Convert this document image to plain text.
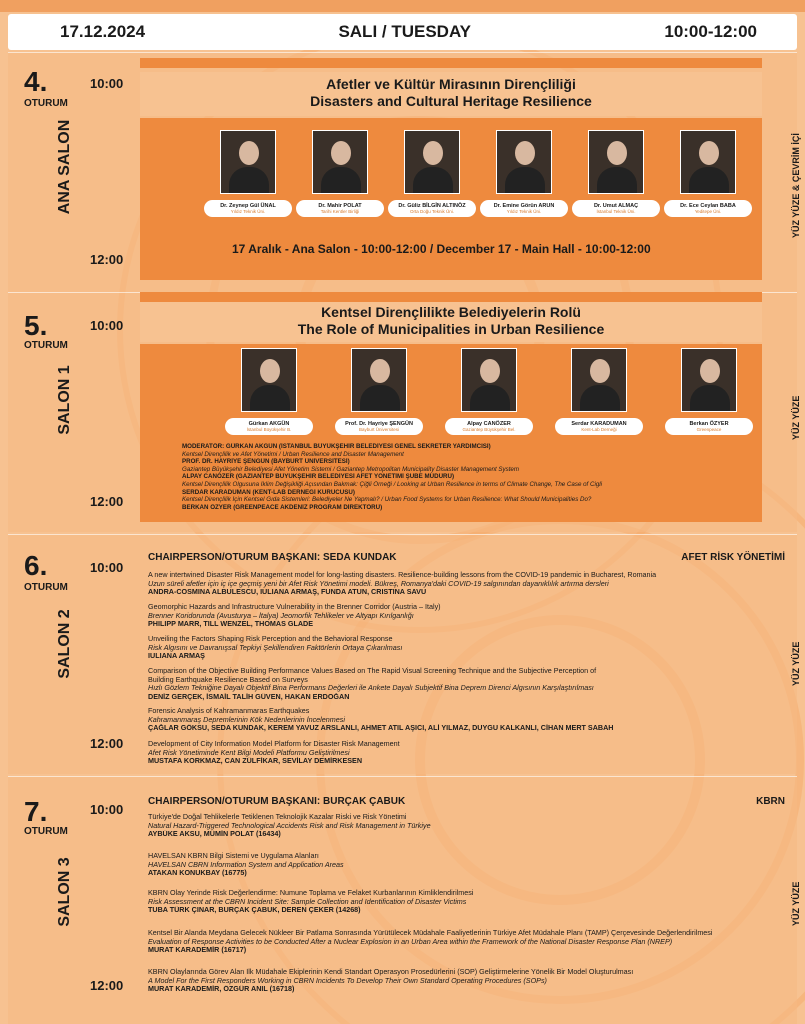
17.12.2024	SALI / TUESDAY	10:00-12:00
4.
OTURUM
10:00
12:00
ANA SALON	YÜZ YÜZE & ÇEVRİM İÇİ
Afetler ve Kültür Mirasının Dirençliliği
Disasters and Cultural Heritage Resilience
Dr. Zeynep Gül ÜNAL
Yıldız Teknik Üni.
Dr. Mahir POLAT
Tarihi Kentler Birliği
Dr. Güliz BİLGİN ALTINÖZ
Orta Doğu Teknik Üni.
Dr. Emine Görün ARUN
Yıldız Teknik Üni.
Dr. Umut ALMAÇ
İstanbul Teknik Üni.
Dr. Ece Ceylan BABA
Yeditepe Üni.
17 Aralık - Ana Salon - 10:00-12:00 / December 17 - Main Hall - 10:00-12:00
5.
OTURUM
10:00
12:00
SALON 1	YÜZ YÜZE
Kentsel Dirençlilikte Belediyelerin Rolü
The Role of Municipalities in Urban Resilience
Gürkan AKGÜN
İstanbul Büyükşehir B.
Prof. Dr. Hayriye ŞENGÜN
Bayburt Üniversitesi
Alpay CANÖZER
Gaziantep Büyükşehir Bel.
Serdar KARADUMAN
Kent-Lab Derneği
Berkan ÖZYER
Greenpeace
MODERATÖR: GÜRKAN AKGÜN (İSTANBUL BÜYÜKŞEHİR BELEDİYESİ GENEL SEKRETER YARDIMCISI)
Kentsel Dirençlilik ve Afet Yönetimi / Urban Resilience and Disaster Management
PROF. DR. HAYRİYE ŞENGÜN (BAYBURT ÜNİVERSİTESİ)
Gaziantep Büyükşehir Belediyesi Afet Yönetim Sistemi / Gaziantep Metropolitan Municipality Disaster Management System
ALPAY CANÖZER (GAZİANTEP BÜYÜKŞEHİR BELEDİYESİ AFET YÖNETİMİ ŞUBE MÜDÜRÜ)
Kentsel Dirençlilik Olgusuna İklim Değişikliği Açısından Bakmak: Çiğli Örneği / Looking at Urban Resilience in terms of Climate Change, The Case of Cigli
SERDAR KARADUMAN (KENT-LAB DERNEĞİ KURUCUSU)
Kentsel Dirençlilik İçin Kentsel Gıda Sistemleri: Belediyeler Ne Yapmalı? / Urban Food Systems for Urban Resilience: What Should Municipalities Do?
BERKAN ÖZYER (GREENPEACE AKDENİZ PROGRAM DİREKTÖRÜ)
6.
OTURUM
10:00
12:00
SALON 2	YÜZ YÜZE
CHAIRPERSON/OTURUM BAŞKANI: SEDA KUNDAK	AFET RİSK YÖNETİMİ
A new intertwined Disaster Risk Management model for long-lasting disasters. Resilience-building lessons from the COVID-19 pandemic in Bucharest, Romania
Uzun süreli afetler için iç içe geçmiş yeni bir Afet Risk Yönetimi modeli. Bükreş, Romanya'daki COVID-19 salgınından dayanıklılık artırma dersleri
ANDRA-COSMINA ALBULESCU, IULIANA ARMAŞ, FUNDA ATUN, CRISTINA SAVU
Geomorphic Hazards and Infrastructure Vulnerability in the Brenner Corridor (Austria – Italy)
Brenner Koridorunda (Avusturya – İtalya) Jeomorfik Tehlikeler ve Altyapı Kırılganlığı
PHILIPP MARR, TILL WENZEL, THOMAS GLADE
Unveiling the Factors Shaping Risk Perception and the Behavioral Response
Risk Algısını ve Davranışsal Tepkiyi Şekillendiren Faktörlerin Ortaya Çıkarılması
IULIANA ARMAŞ
Comparison of the Objective Building Performance Values Based on The Rapid Visual Screening Technique and the Subjective Perception of
Building Earthquake Resilience Based on Surveys
Hızlı Gözlem Tekniğine Dayalı Objektif Bina Performans Değerleri ile Ankete Dayalı Subjektif Bina Deprem Direnci Algısının Karşılaştırılması
DENİZ GERÇEK, İSMAİL TALİH GÜVEN, HAKAN ERDOĞAN
Forensic Analysis of Kahramanmaras Earthquakes
Kahramanmaraş Depremlerinin Kök Nedenlerinin İncelenmesi
ÇAĞLAR GÖKSU, SEDA KUNDAK, KEREM YAVUZ ARSLANLI, AHMET ATIL AŞICI, ALİ YILMAZ, DUYGU KALKANLI, CİHAN MERT SABAH
Development of City Information Model Platform for Disaster Risk Management
Afet Risk Yönetiminde Kent Bilgi Modeli Platformu Geliştirilmesi
MUSTAFA KORKMAZ, CAN ZÜLFİKAR, SEVİLAY DEMİRKESEN
7.
OTURUM
10:00
12:00
SALON 3	YÜZ YÜZE
CHAIRPERSON/OTURUM BAŞKANI: BURÇAK ÇABUK	KBRN
Türkiye'de Doğal Tehlikelerle Tetiklenen Teknolojik Kazalar Riski ve Risk Yönetimi
Natural Hazard-Triggered Technological Accidents Risk and Risk Management in Türkiye
AYBÜKE AKSU, MÜMİN POLAT (16434)
HAVELSAN KBRN Bilgi Sistemi ve Uygulama Alanları
HAVELSAN CBRN Information System and Application Areas
ATAKAN KONUKBAY (16775)
KBRN Olay Yerinde Risk Değerlendirme: Numune Toplama ve Felaket Kurbanlarının Kimliklendirilmesi
Risk Assessment at the CBRN Incident Site: Sample Collection and Identification of Disaster Victims
TUBA TÜRK ÇINAR, BURÇAK ÇABUK, DEREN ÇEKER (14268)
Kentsel Bir Alanda Meydana Gelecek Nükleer Bir Patlama Sonrasında Yürütülecek Müdahale Faaliyetlerinin Türkiye Afet Müdahale Planı (TAMP) Çerçevesinde Değerlendirilmesi
Evaluation of Response Activities to be Conducted After a Nuclear Explosion in an Urban Area within the Framework of the National Disaster Response Plan (NREP)
MURAT KARADEMİR (16717)
KBRN Olaylarında Görev Alan İlk Müdahale Ekiplerinin Kendi Standart Operasyon Prosedürlerini (SOP) Geliştirmelerine Yönelik Bir Model Oluşturulması
A Model For the First Responders Working in CBRN Incidents To Develop Their Own Standard Operating Procedures (SOPs)
MURAT KARADEMİR, ÖZGÜR ANIL (16718)
